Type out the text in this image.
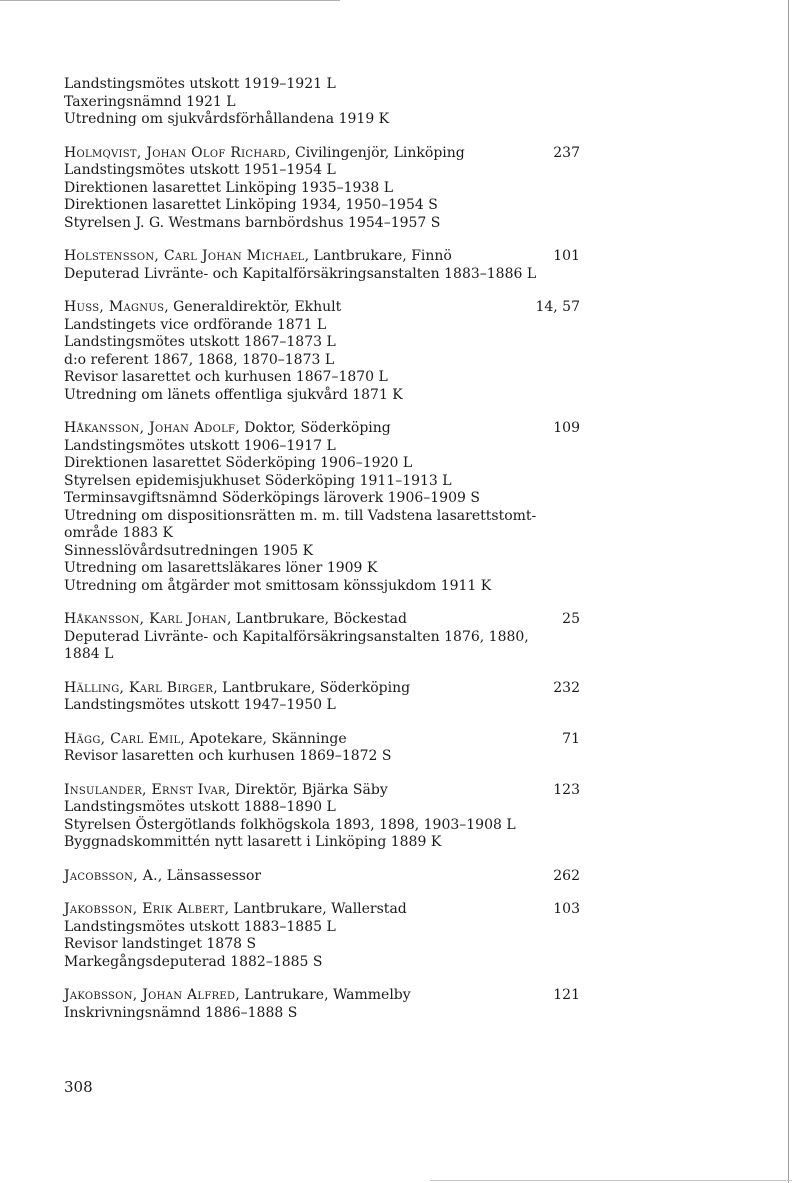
Landstingsmötes utskott 1919–1921 L
Taxeringsnämnd 1921 L
Utredning om sjukvårdsförhållandena 1919 K
Holmqvist, Johan Olof Richard, Civilingenjör, Linköping	237
Landstingsmötes utskott 1951–1954 L
Direktionen lasarettet Linköping 1935–1938 L
Direktionen lasarettet Linköping 1934, 1950–1954 S
Styrelsen J. G. Westmans barnbördshus 1954–1957 S
Holstensson, Carl Johan Michael, Lantbrukare, Finnö	101
Deputerad Livränte- och Kapitalförsäkringsanstalten 1883–1886 L
Huss, Magnus, Generaldirektör, Ekhult	14, 57
Landstingets vice ordförande 1871 L
Landstingsmötes utskott 1867–1873 L
d:o referent 1867, 1868, 1870–1873 L
Revisor lasarettet och kurhusen 1867–1870 L
Utredning om länets offentliga sjukvård 1871 K
Håkansson, Johan Adolf, Doktor, Söderköping	109
Landstingsmötes utskott 1906–1917 L
Direktionen lasarettet Söderköping 1906–1920 L
Styrelsen epidemisjukhuset Söderköping 1911–1913 L
Terminsavgiftsnämnd Söderköpings läroverk 1906–1909 S
Utredning om dispositionsrätten m. m. till Vadstena lasarettstomt-område 1883 K
Sinnesslövårdsutredningen 1905 K
Utredning om lasarettsläkares löner 1909 K
Utredning om åtgärder mot smittosam könssjukdom 1911 K
Håkansson, Karl Johan, Lantbrukare, Böckestad	25
Deputerad Livränte- och Kapitalförsäkringsanstalten 1876, 1880, 1884 L
Hälling, Karl Birger, Lantbrukare, Söderköping	232
Landstingsmötes utskott 1947–1950 L
Hägg, Carl Emil, Apotekare, Skänninge	71
Revisor lasaretten och kurhusen 1869–1872 S
Insulander, Ernst Ivar, Direktör, Bjärka Säby	123
Landstingsmötes utskott 1888–1890 L
Styrelsen Östergötlands folkhögskola 1893, 1898, 1903–1908 L
Byggnadskommittén nytt lasarett i Linköping 1889 K
Jacobsson, A., Länsassessor	262
Jakobsson, Erik Albert, Lantbrukare, Wallerstad	103
Landstingsmötes utskott 1883–1885 L
Revisor landstinget 1878 S
Markegångsdeputerad 1882–1885 S
Jakobsson, Johan Alfred, Lantrukare, Wammelby	121
Inskrivningsnämnd 1886–1888 S
308
